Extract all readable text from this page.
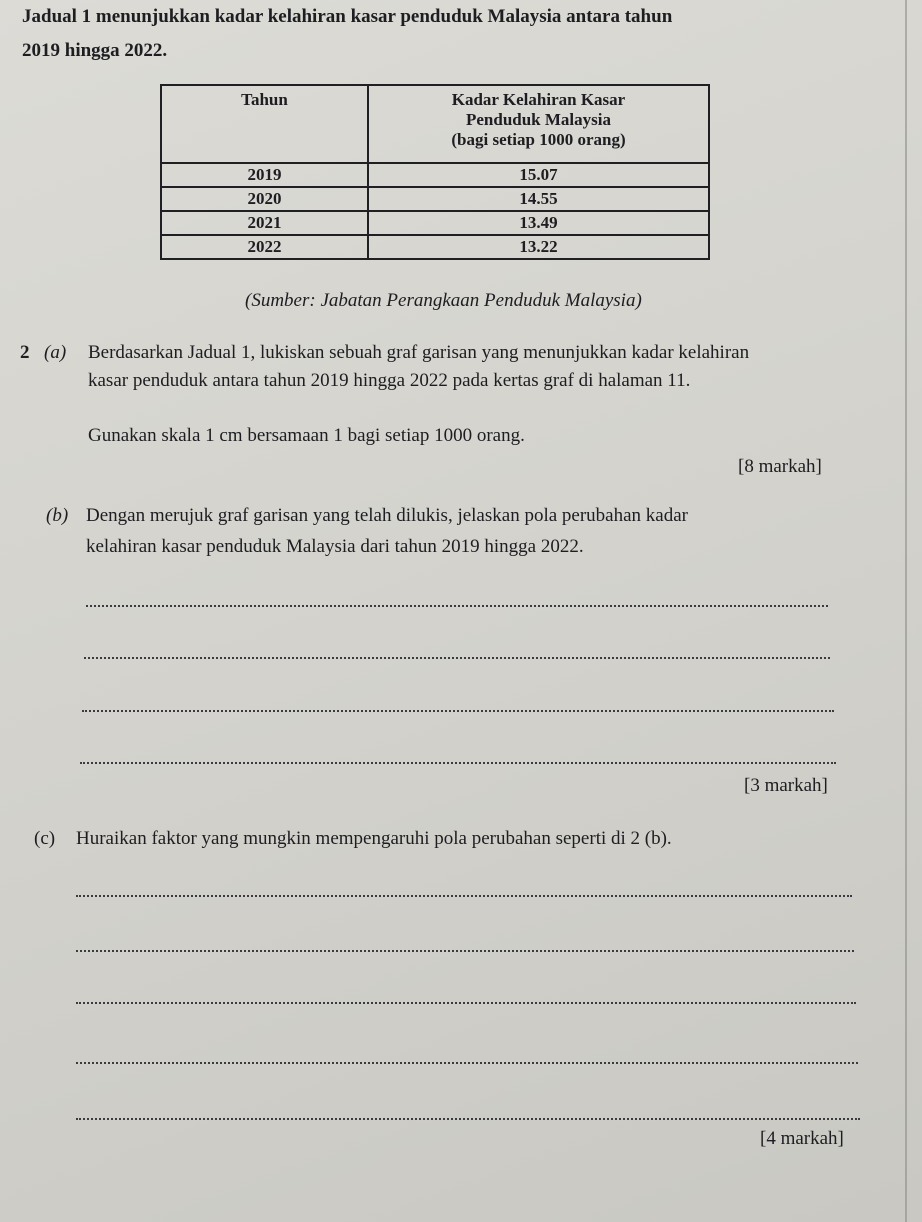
Jadual 1 menunjukkan kadar kelahiran kasar penduduk Malaysia antara tahun
2019 hingga 2022.
Tahun	Kadar Kelahiran Kasar
Penduduk Malaysia
(bagi setiap 1000 orang)

2019	15.07
2020	14.55
2021	13.49
2022	13.22
(Sumber: Jabatan Perangkaan Penduduk Malaysia)
2 (a) Berdasarkan Jadual 1, lukiskan sebuah graf garisan yang menunjukkan kadar kelahiran
kasar penduduk antara tahun 2019 hingga 2022 pada kertas graf di halaman 11.
Gunakan skala 1 cm bersamaan 1 bagi setiap 1000 orang.
[8 markah]
(b) Dengan merujuk graf garisan yang telah dilukis, jelaskan pola perubahan kadar
kelahiran kasar penduduk Malaysia dari tahun 2019 hingga 2022.
[3 markah]
(c) Huraikan faktor yang mungkin mempengaruhi pola perubahan seperti di 2 (b).
[4 markah]
